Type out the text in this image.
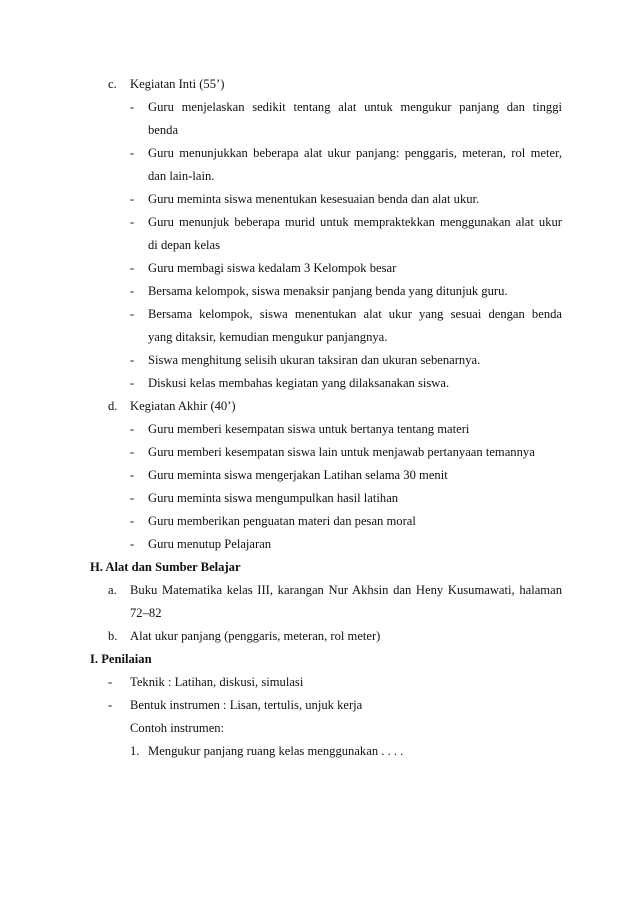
c. Kegiatan Inti (55’)
- Guru menjelaskan sedikit tentang alat untuk mengukur panjang dan tinggi
benda
- Guru menunjukkan beberapa alat ukur panjang: penggaris, meteran, rol meter,
dan lain-lain.
- Guru meminta siswa menentukan kesesuaian benda dan alat ukur.
- Guru menunjuk beberapa murid untuk mempraktekkan menggunakan alat ukur
di depan kelas
- Guru membagi siswa kedalam 3 Kelompok besar
- Bersama kelompok, siswa menaksir panjang benda yang ditunjuk guru.
- Bersama kelompok, siswa menentukan alat ukur yang sesuai dengan benda
yang ditaksir, kemudian mengukur panjangnya.
- Siswa menghitung selisih ukuran taksiran dan ukuran sebenarnya.
- Diskusi kelas membahas kegiatan yang dilaksanakan siswa.
d. Kegiatan Akhir (40’)
- Guru memberi kesempatan siswa untuk bertanya tentang materi
- Guru memberi kesempatan siswa lain untuk menjawab pertanyaan temannya
- Guru meminta siswa mengerjakan Latihan selama 30 menit
- Guru meminta siswa mengumpulkan hasil latihan
- Guru memberikan penguatan materi dan pesan moral
- Guru menutup Pelajaran
H. Alat dan Sumber Belajar
a. Buku Matematika kelas III, karangan Nur Akhsin dan Heny Kusumawati, halaman
72–82
b. Alat ukur panjang (penggaris, meteran, rol meter)
I. Penilaian
- Teknik : Latihan, diskusi, simulasi
- Bentuk instrumen : Lisan, tertulis, unjuk kerja
Contoh instrumen:
1. Mengukur panjang ruang kelas menggunakan . . . .
